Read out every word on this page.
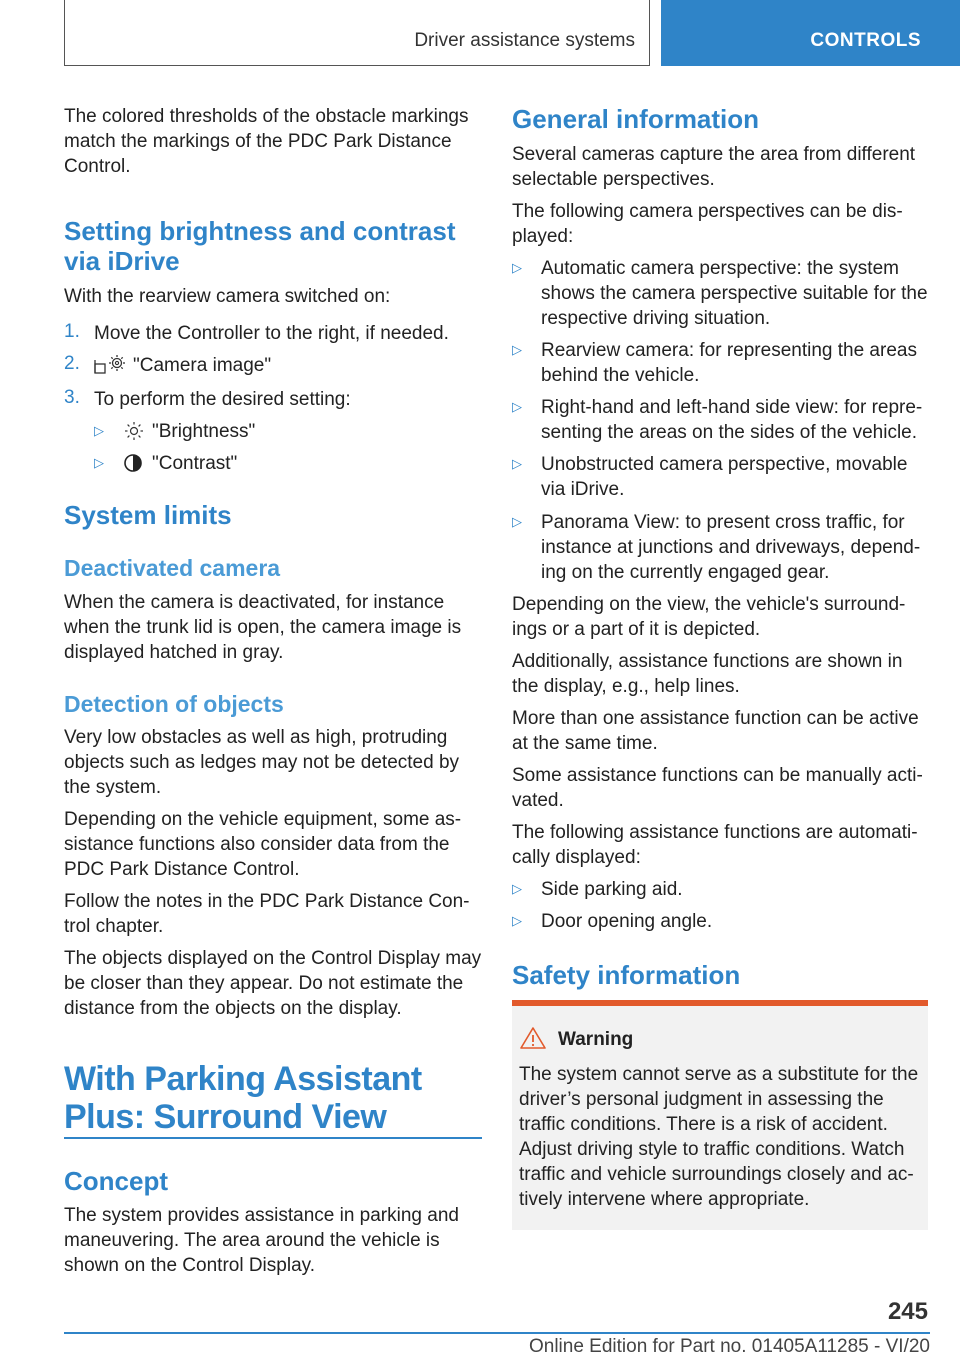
Driver assistance systems	CONTROLS

The colored thresholds of the obstacle markings match the markings of the PDC Park Distance Control.

Setting brightness and contrast via iDrive

With the rearview camera switched on:

1. Move the Controller to the right, if needed.
2.	"Camera image"
3. To perform the desired setting:
▷	"Brightness"
▷	"Contrast"
System limits
Deactivated camera

When the camera is deactivated, for instance when the trunk lid is open, the camera image is displayed hatched in gray.

Detection of objects

Very low obstacles as well as high, protruding objects such as ledges may not be detected by the system.

Depending on the vehicle equipment, some as-sistance functions also consider data from the PDC Park Distance Control.

Follow the notes in the PDC Park Distance Con-trol chapter.

The objects displayed on the Control Display may be closer than they appear. Do not estimate the distance from the objects on the display.

With Parking Assistant Plus: Surround View
Concept

The system provides assistance in parking and maneuvering. The area around the vehicle is shown on the Control Display.

General information

Several cameras capture the area from different selectable perspectives.

The following camera perspectives can be dis-played:

▷ Automatic camera perspective: the system shows the camera perspective suitable for the respective driving situation.

▷ Rearview camera: for representing the areas behind the vehicle.

▷ Right-hand and left-hand side view: for repre-senting the areas on the sides of the vehicle.

▷ Unobstructed camera perspective, movable via iDrive.

▷ Panorama View: to present cross traffic, for instance at junctions and driveways, depend-ing on the currently engaged gear.

Depending on the view, the vehicle's surround-ings or a part of it is depicted.

Additionally, assistance functions are shown in the display, e.g., help lines.

More than one assistance function can be active at the same time.

Some assistance functions can be manually acti-vated.

The following assistance functions are automati-cally displayed:

▷ Side parking aid.

▷ Door opening angle.

Safety information
Warning

The system cannot serve as a substitute for the driver’s personal judgment in assessing the traffic conditions. There is a risk of accident. Adjust driving style to traffic conditions. Watch traffic and vehicle surroundings closely and ac-tively intervene where appropriate.

245
Online Edition for Part no. 01405A11285 - VI/20
